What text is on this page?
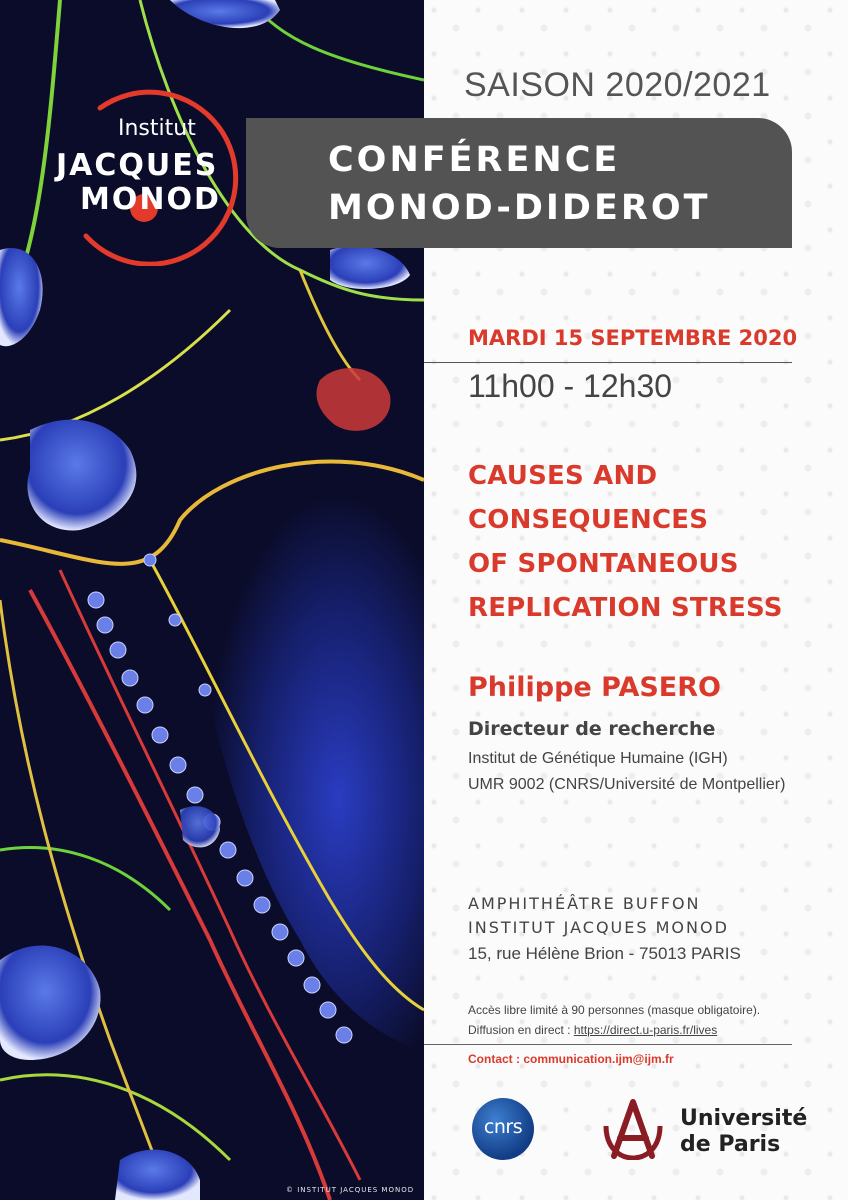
© INSTITUT JACQUES MONOD
Institut
JACQUES
MONOD
SAISON 2020/2021
CONFÉRENCE
MONOD-DIDEROT
MARDI 15 SEPTEMBRE 2020
11h00 - 12h30
CAUSES AND
CONSEQUENCES
OF SPONTANEOUS
REPLICATION STRESS
Philippe PASERO
Directeur de recherche
Institut de Génétique Humaine (IGH)
UMR 9002 (CNRS/Université de Montpellier)
AMPHITHÉÂTRE BUFFON
INSTITUT JACQUES MONOD
15, rue Hélène Brion - 75013 PARIS
Accès libre limité à 90 personnes (masque obligatoire).
Diffusion en direct : https://direct.u-paris.fr/lives
Contact : communication.ijm@ijm.fr
cnrs	Université
de Paris
